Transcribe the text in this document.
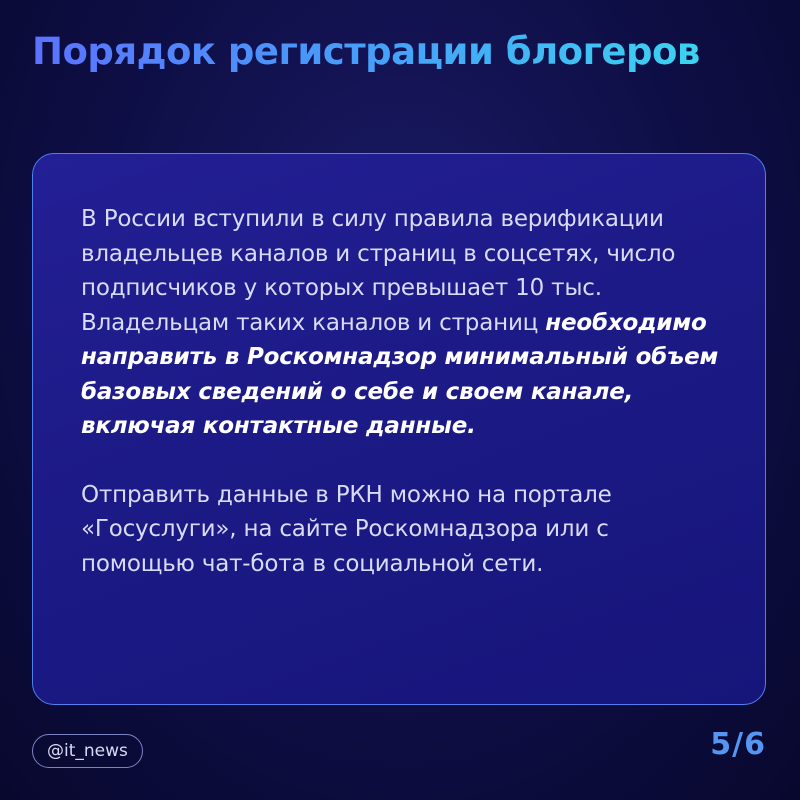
Порядок регистрации блогеров

В России вступили в силу правила верификации владельцев каналов и страниц в соцсетях, число подписчиков у которых превышает 10 тыс. Владельцам таких каналов и страниц необходимо направить в Роскомнадзор минимальный объем базовых сведений о себе и своем канале, включая контактные данные.

Отправить данные в РКН можно на портале «Госуслуги», на сайте Роскомнадзора или с помощью чат-бота в социальной сети.

@it_news	5/6
